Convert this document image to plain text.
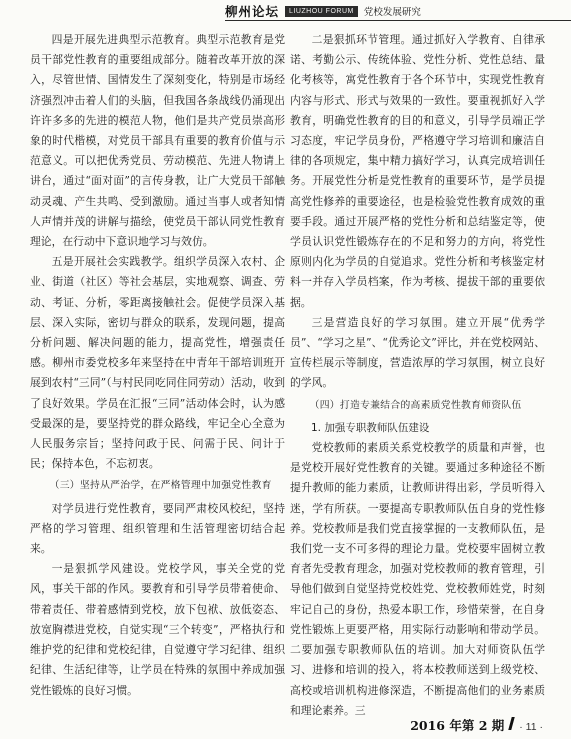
柳州论坛	LIUZHOU FORUM	党校发展研究

四是开展先进典型示范教育。典型示范教育是党员干部党性教育的重要组成部分。随着改革开放的深入，尽管世情、国情发生了深刻变化，特别是市场经济强烈冲击着人们的头脑，但我国各条战线仍涌现出许许多多的先进的模范人物，他们是共产党员崇高形象的时代楷模，对党员干部具有重要的教育价值与示范意义。可以把优秀党员、劳动模范、先进人物请上讲台，通过“面对面”的言传身教，让广大党员干部触动灵魂、产生共鸣、受到激励。通过当事人或者知情人声情并茂的讲解与描绘，使党员干部认同党性教育理论，在行动中下意识地学习与效仿。

五是开展社会实践教学。组织学员深入农村、企业、街道（社区）等社会基层，实地观察、调查、劳动、考证、分析，零距离接触社会。促使学员深入基层、深入实际，密切与群众的联系，发现问题，提高分析问题、解决问题的能力，提高党性，增强责任感。柳州市委党校多年来坚持在中青年干部培训班开展到农村“三同”（与村民同吃同住同劳动）活动，收到了良好效果。学员在汇报“三同”活动体会时，认为感受最深的是，要坚持党的群众路线，牢记全心全意为人民服务宗旨；坚持问政于民、问需于民、问计于民；保持本色，不忘初衷。

（三）坚持从严治学，在严格管理中加强党性教育

对学员进行党性教育，要同严肃校风校纪，坚持严格的学习管理、组织管理和生活管理密切结合起来。

一是狠抓学风建设。党校学风，事关全党的党风，事关干部的作风。要教育和引导学员带着使命、带着责任、带着感情到党校，放下包袱、放低姿态、放宽胸襟进党校，自觉实现“三个转变”，严格执行和维护党的纪律和党校纪律，自觉遵守学习纪律、组织纪律、生活纪律等，让学员在特殊的氛围中养成加强党性锻炼的良好习惯。

二是狠抓环节管理。通过抓好入学教育、自律承诺、考勤公示、传统体验、党性分析、党性总结、量化考核等，寓党性教育于各个环节中，实现党性教育内容与形式、形式与效果的一致性。要重视抓好入学教育，明确党性教育的目的和意义，引导学员端正学习态度，牢记学员身份，严格遵守学习培训和廉洁自律的各项规定，集中精力搞好学习，认真完成培训任务。开展党性分析是党性教育的重要环节，是学员提高党性修养的重要途径，也是检验党性教育成效的重要手段。通过开展严格的党性分析和总结鉴定等，使学员认识党性锻炼存在的不足和努力的方向，将党性原则内化为学员的自觉追求。党性分析和考核鉴定材料一并存入学员档案，作为考核、提拔干部的重要依据。

三是营造良好的学习氛围。建立开展“优秀学员”、“学习之星”、“优秀论文”评比，并在党校网站、宣传栏展示等制度，营造浓厚的学习氛围，树立良好的学风。

（四）打造专兼结合的高素质党性教育师资队伍

1. 加强专职教师队伍建设

党校教师的素质关系党校教学的质量和声誉，也是党校开展好党性教育的关键。要通过多种途径不断提升教师的能力素质，让教师讲得出彩，学员听得入迷，学有所获。一要提高专职教师队伍自身的党性修养。党校教师是我们党直接掌握的一支教师队伍，是我们党一支不可多得的理论力量。党校要牢固树立教育者先受教育理念，加强对党校教师的教育管理，引导他们做到自觉坚持党校姓党、党校教师姓党，时刻牢记自己的身份，热爱本职工作，珍惜荣誉，在自身党性锻炼上更要严格，用实际行动影响和带动学员。二要加强专职教师队伍的培训。加大对师资队伍学习、进修和培训的投入，将本校教师送到上级党校、高校或培训机构进修深造，不断提高他们的业务素质和理论素养。三

2016 年第 2 期 · 11 ·
